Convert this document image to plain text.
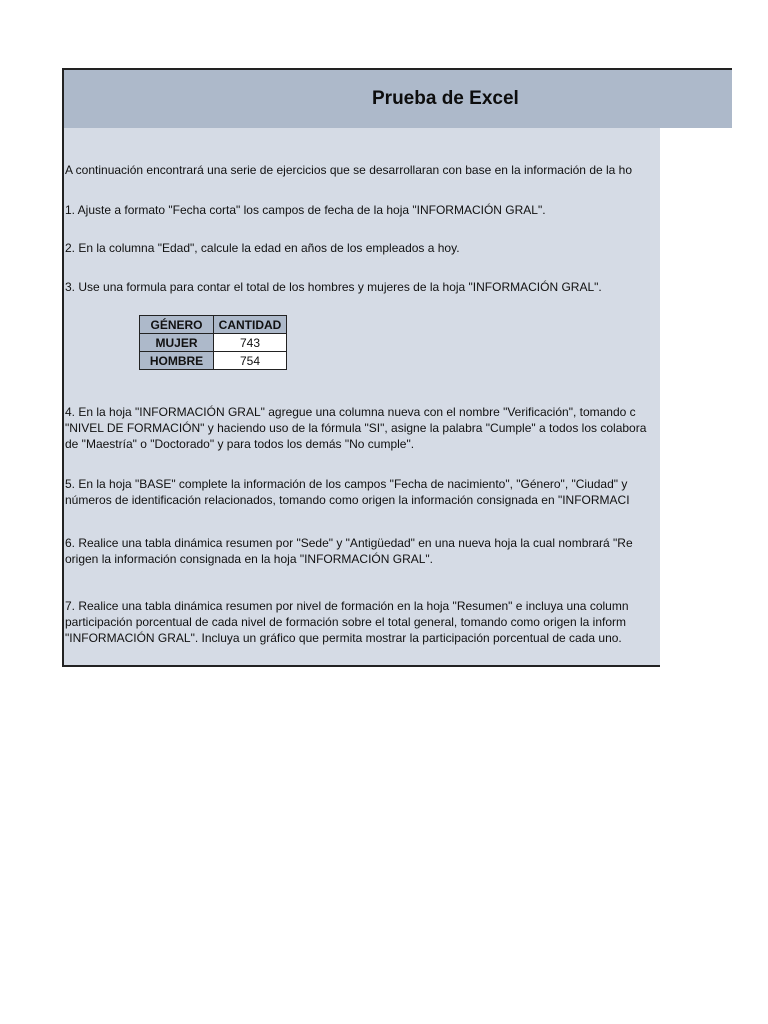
A continuación encontrará una serie de ejercicios que se desarrollaran con base en la información de la ho
1. Ajuste a formato "Fecha corta" los campos de fecha de la hoja "INFORMACIÓN GRAL".
2. En la columna "Edad", calcule la edad en años de los empleados a hoy.
3. Use una formula para contar el total de los hombres y mujeres de la hoja "INFORMACIÓN GRAL".
GÉNERO	CANTIDAD
MUJER	743
HOMBRE	754
4. En la hoja "INFORMACIÓN GRAL" agregue una columna nueva con el nombre "Verificación", tomando c
"NIVEL DE FORMACIÓN" y haciendo uso de la fórmula "SI", asigne la palabra "Cumple" a todos los colabora
de "Maestría" o "Doctorado" y para todos los demás "No cumple".
5. En la hoja "BASE" complete la información de los campos "Fecha de nacimiento", "Género", "Ciudad" y
números de identificación relacionados, tomando como origen la información consignada en "INFORMACI
6. Realice una tabla dinámica resumen por "Sede" y "Antigüedad" en una nueva hoja la cual nombrará "Re
origen la información consignada en la hoja "INFORMACIÓN GRAL".
7. Realice una tabla dinámica resumen por nivel de formación en la hoja "Resumen" e incluya una column
participación porcentual de cada nivel de formación sobre el total general, tomando como origen la inform
"INFORMACIÓN GRAL". Incluya un gráfico que permita mostrar la participación porcentual de cada uno.
Prueba de Excel
